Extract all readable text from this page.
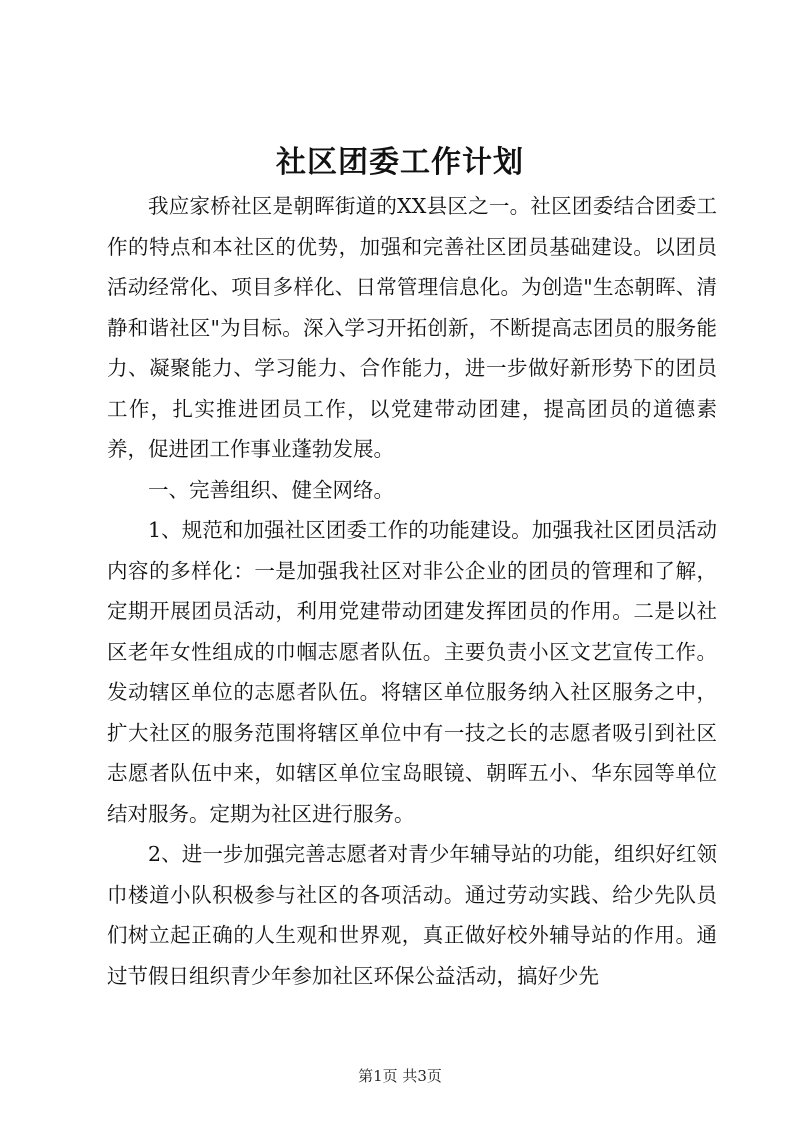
社区团委工作计划

我应家桥社区是朝晖街道的XX县区之一。社区团委结合团委工作的特点和本社区的优势，加强和完善社区团员基础建设。以团员活动经常化、项目多样化、日常管理信息化。为创造"生态朝晖、清静和谐社区"为目标。深入学习开拓创新，不断提高志团员的服务能力、凝聚能力、学习能力、合作能力，进一步做好新形势下的团员工作，扎实推进团员工作，以党建带动团建，提高团员的道德素养，促进团工作事业蓬勃发展。

一、完善组织、健全网络。

1、规范和加强社区团委工作的功能建设。加强我社区团员活动内容的多样化：一是加强我社区对非公企业的团员的管理和了解，定期开展团员活动，利用党建带动团建发挥团员的作用。二是以社区老年女性组成的巾帼志愿者队伍。主要负责小区文艺宣传工作。发动辖区单位的志愿者队伍。将辖区单位服务纳入社区服务之中，扩大社区的服务范围将辖区单位中有一技之长的志愿者吸引到社区志愿者队伍中来，如辖区单位宝岛眼镜、朝晖五小、华东园等单位结对服务。定期为社区进行服务。

2、进一步加强完善志愿者对青少年辅导站的功能，组织好红领巾楼道小队积极参与社区的各项活动。通过劳动实践、给少先队员们树立起正确的人生观和世界观，真正做好校外辅导站的作用。通过节假日组织青少年参加社区环保公益活动，搞好少先

第1页 共3页
